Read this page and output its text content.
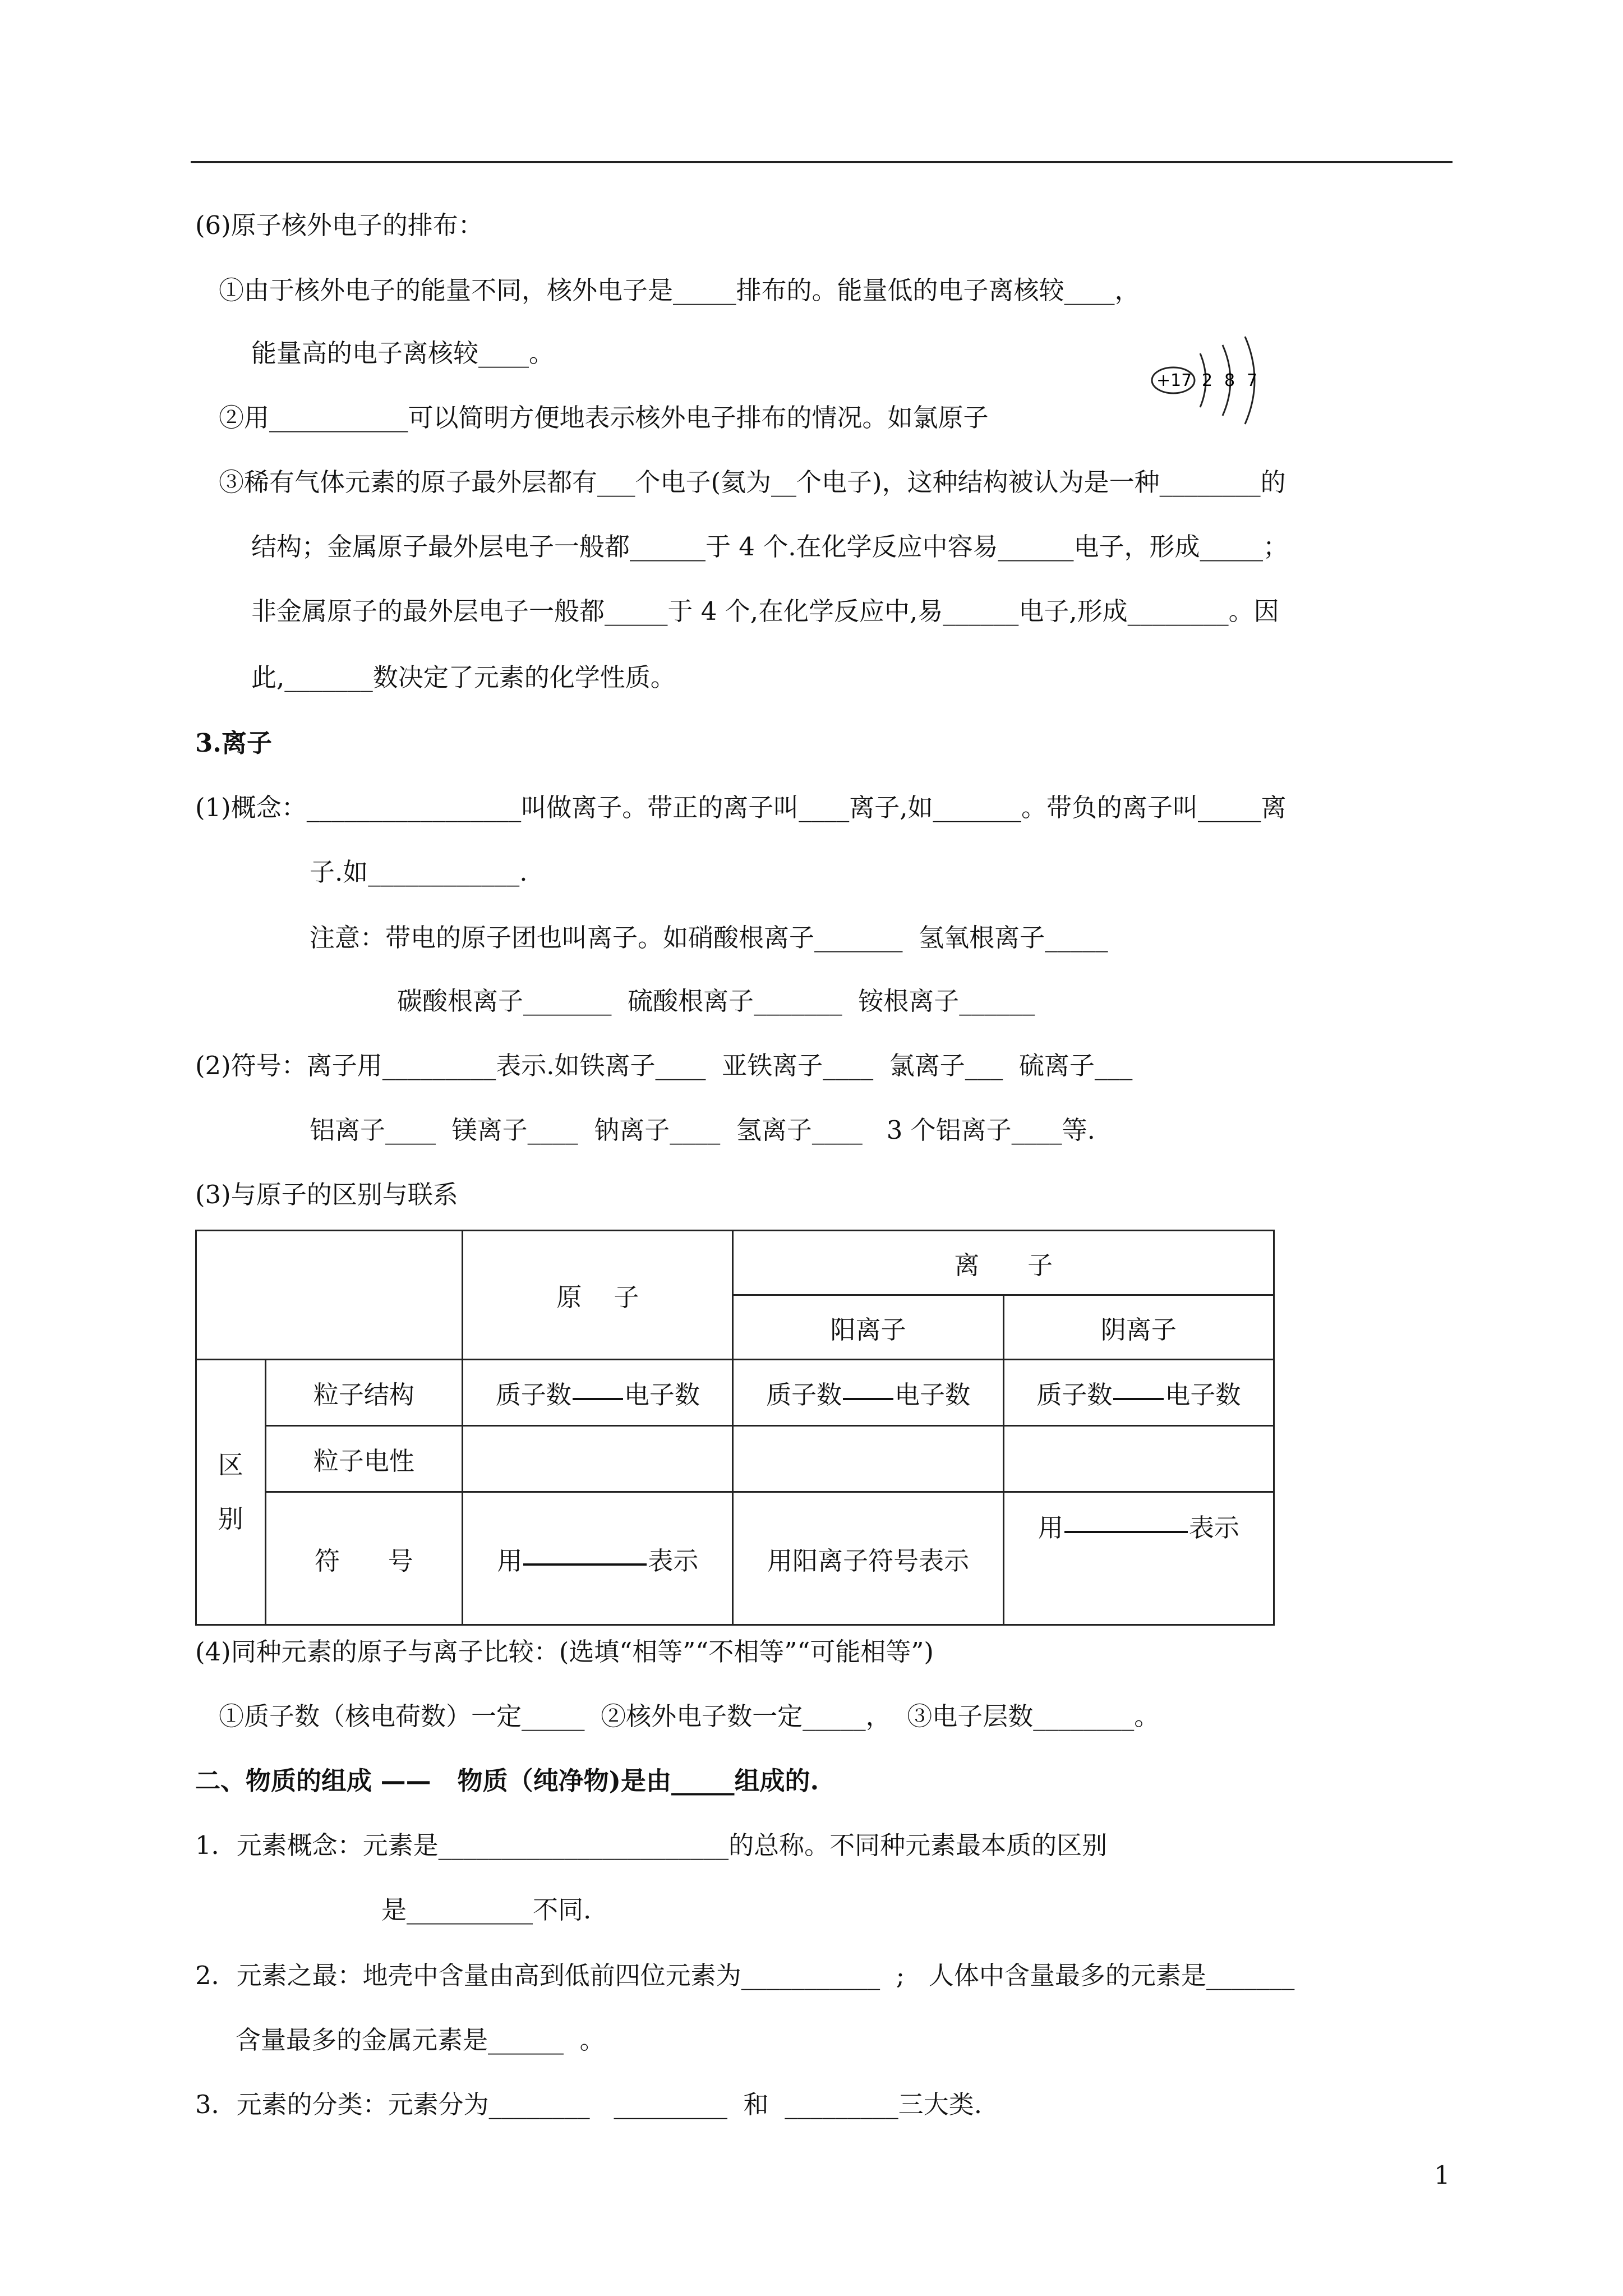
(6)原子核外电子的排布：
①由于核外电子的能量不同，核外电子是_____排布的。能量低的电子离核较____，
能量高的电子离核较____。
②用___________可以简明方便地表示核外电子排布的情况。如氯原子
+17 2 8 7
③稀有气体元素的原子最外层都有___个电子(氦为__个电子)，这种结构被认为是一种________的
结构；金属原子最外层电子一般都______于 4 个.在化学反应中容易______电子，形成_____；
非金属原子的最外层电子一般都_____于 4 个,在化学反应中,易______电子,形成________。因
此,_______数决定了元素的化学性质。
3.离子
(1)概念：_________________叫做离子。带正的离子叫____离子,如_______。带负的离子叫_____离
子.如____________.
注意：带电的原子团也叫离子。如硝酸根离子_______  氢氧根离子_____
碳酸根离子_______  硫酸根离子_______  铵根离子______
(2)符号：离子用_________表示.如铁离子____  亚铁离子____  氯离子___  硫离子___
铝离子____  镁离子____  钠离子____  氢离子____   3 个铝离子____等.
(3)与原子的区别与联系
		原    子	离      子	
			阳离子	阴离子
区
别	粒子结构	质子数 电子数	质子数 电子数	质子数 电子数
	粒子电性			
	符      号	用 表示	用阳离子符号表示	用 表示
(4)同种元素的原子与离子比较：(选填“相等”“不相等”“可能相等”)
①质子数（核电荷数）一定_____  ②核外电子数一定_____，  ③电子层数________。
二、物质的组成 ——   物质（纯净物)是由_____组成的.
1．元素概念：元素是_______________________的总称。不同种元素最本质的区别
是__________不同.
2．元素之最：地壳中含量由高到低前四位元素为___________  ;   人体中含量最多的元素是_______
含量最多的金属元素是______  。
3．元素的分类：元素分为________   _________  和  _________三大类.
1
